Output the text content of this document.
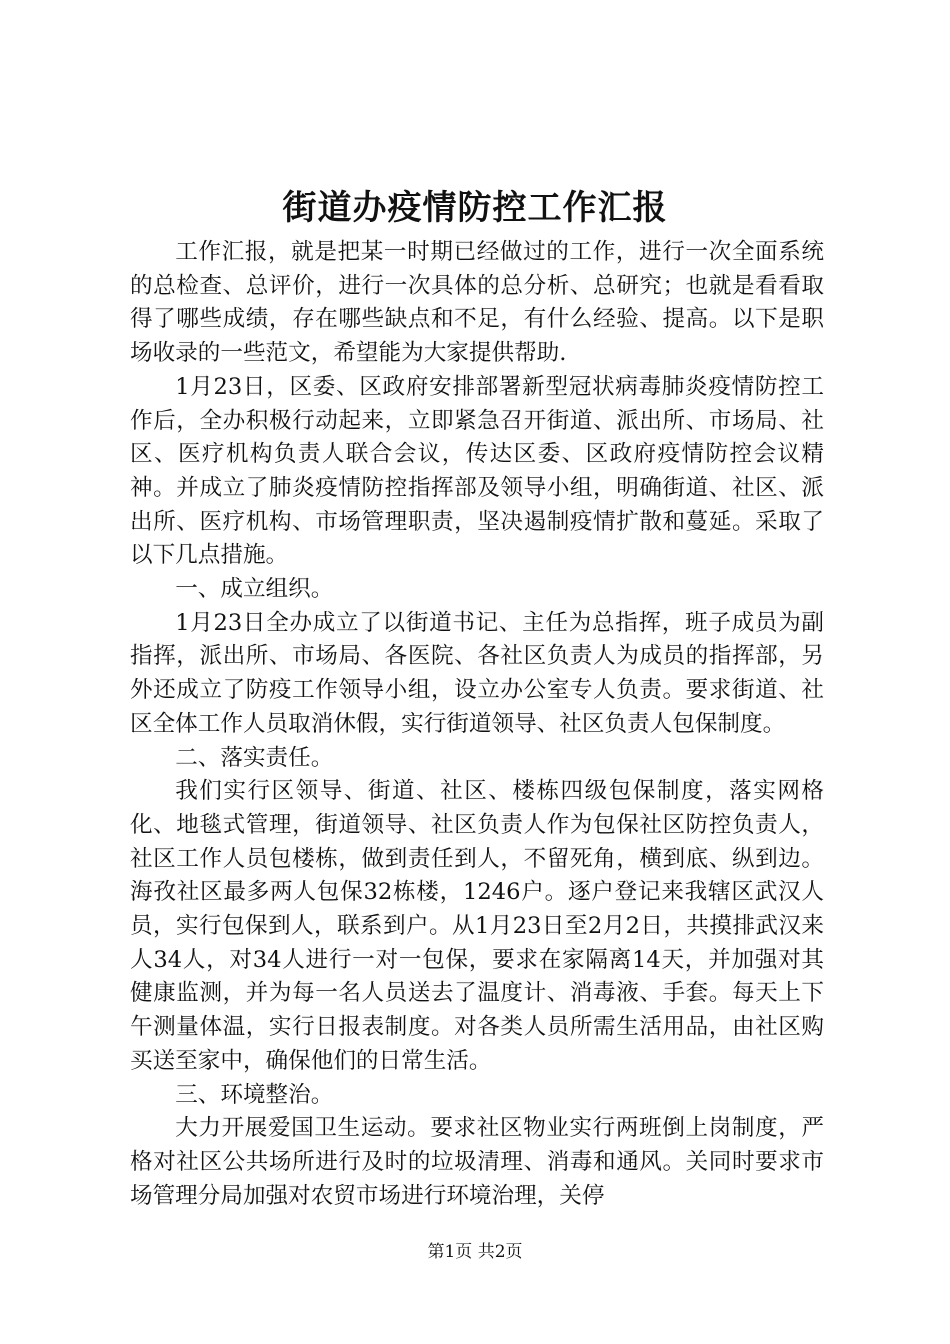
街道办疫情防控工作汇报

工作汇报，就是把某一时期已经做过的工作，进行一次全面系统的总检查、总评价，进行一次具体的总分析、总研究；也就是看看取得了哪些成绩，存在哪些缺点和不足，有什么经验、提高。以下是职场收录的一些范文，希望能为大家提供帮助.

1月23日，区委、区政府安排部署新型冠状病毒肺炎疫情防控工作后，全办积极行动起来，立即紧急召开街道、派出所、市场局、社区、医疗机构负责人联合会议，传达区委、区政府疫情防控会议精神。并成立了肺炎疫情防控指挥部及领导小组，明确街道、社区、派出所、医疗机构、市场管理职责，坚决遏制疫情扩散和蔓延。采取了以下几点措施。

一、成立组织。

1月23日全办成立了以街道书记、主任为总指挥，班子成员为副指挥，派出所、市场局、各医院、各社区负责人为成员的指挥部，另外还成立了防疫工作领导小组，设立办公室专人负责。要求街道、社区全体工作人员取消休假，实行街道领导、社区负责人包保制度。

二、落实责任。

我们实行区领导、街道、社区、楼栋四级包保制度，落实网格化、地毯式管理，街道领导、社区负责人作为包保社区防控负责人，社区工作人员包楼栋，做到责任到人，不留死角，横到底、纵到边。海孜社区最多两人包保32栋楼，1246户。逐户登记来我辖区武汉人员，实行包保到人，联系到户。从1月23日至2月2日，共摸排武汉来人34人，对34人进行一对一包保，要求在家隔离14天，并加强对其健康监测，并为每一名人员送去了温度计、消毒液、手套。每天上下午测量体温，实行日报表制度。对各类人员所需生活用品，由社区购买送至家中，确保他们的日常生活。

三、环境整治。

大力开展爱国卫生运动。要求社区物业实行两班倒上岗制度，严格对社区公共场所进行及时的垃圾清理、消毒和通风。关同时要求市场管理分局加强对农贸市场进行环境治理，关停

第1页 共2页
